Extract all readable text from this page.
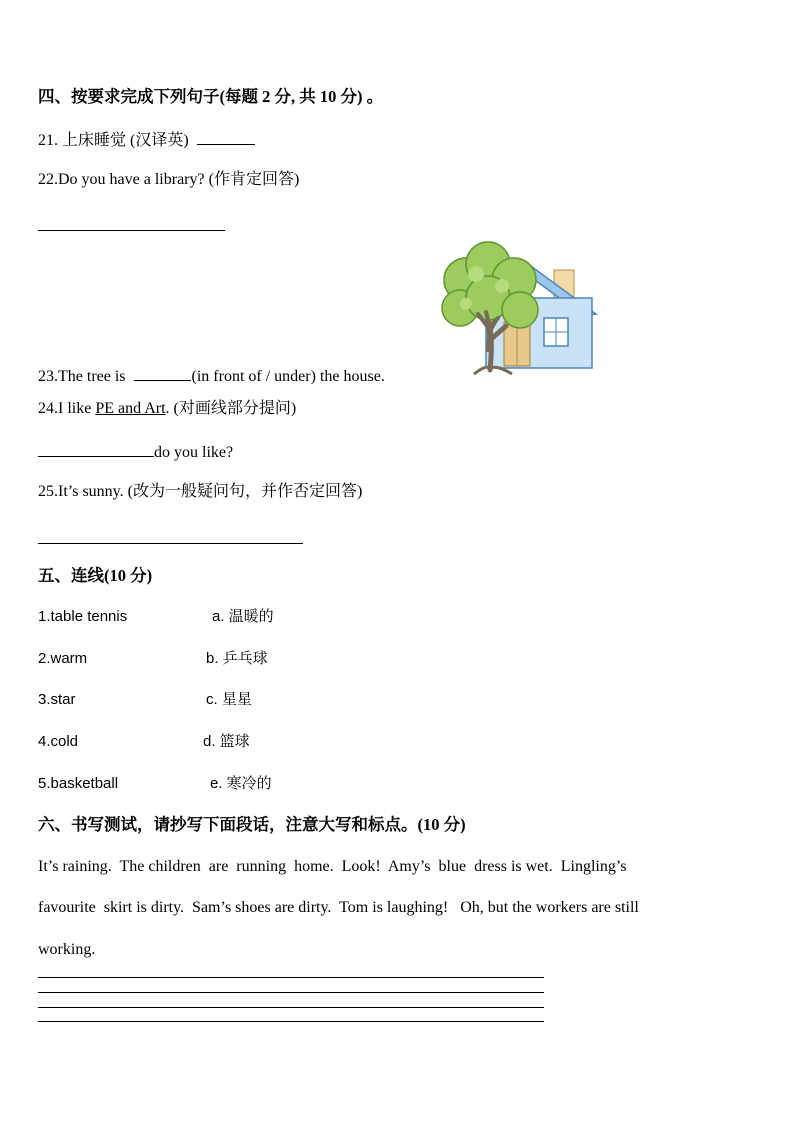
四、按要求完成下列句子(每题 2 分, 共 10 分) 。
21. 上床睡觉 (汉译英)
22.Do you have a library? (作肯定回答)
23.The tree is	(in front of / under) the house.
24.I like PE and Art. (对画线部分提问)
do you like?
25.It’s sunny. (改为一般疑问句，并作否定回答)
五、连线(10 分)
1.table tennis	a. 温暖的
2.warm	b. 乒乓球
3.star	c. 星星
4.cold	d. 篮球
5.basketball	e. 寒冷的
六、书写测试，请抄写下面段话，注意大写和标点。(10 分)
It’s raining.  The children  are  running  home.  Look!  Amy’s  blue  dress is wet.  Lingling’s
favourite  skirt is dirty.  Sam’s shoes are dirty.  Tom is laughing!   Oh, but the workers are still
working.
